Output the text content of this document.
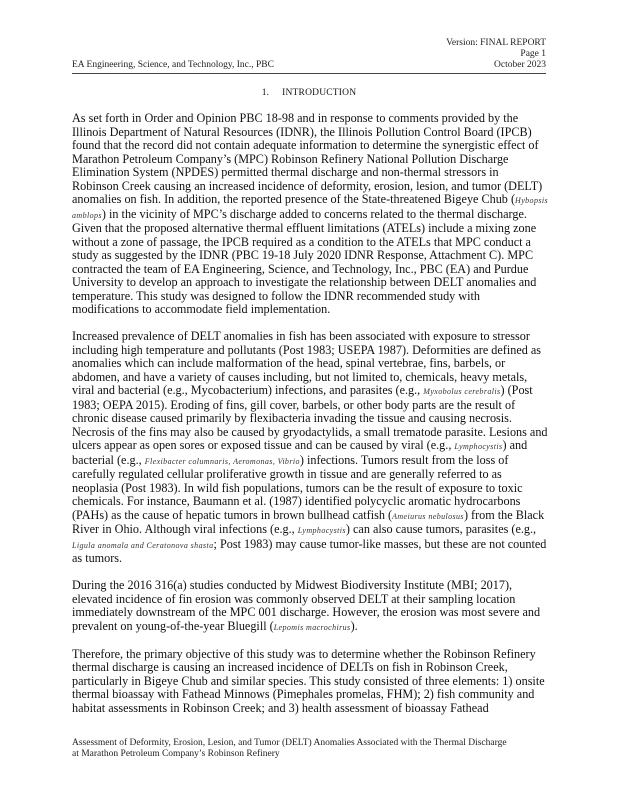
Version: FINAL REPORT
Page 1
October 2023
EA Engineering, Science, and Technology, Inc., PBC
1. INTRODUCTION

As set forth in Order and Opinion PBC 18-98 and in response to comments provided by the Illinois Department of Natural Resources (IDNR), the Illinois Pollution Control Board (IPCB) found that the record did not contain adequate information to determine the synergistic effect of Marathon Petroleum Company’s (MPC) Robinson Refinery National Pollution Discharge Elimination System (NPDES) permitted thermal discharge and non-thermal stressors in Robinson Creek causing an increased incidence of deformity, erosion, lesion, and tumor (DELT) anomalies on fish. In addition, the reported presence of the State-threatened Bigeye Chub (Hybopsis amblops) in the vicinity of MPC’s discharge added to concerns related to the thermal discharge. Given that the proposed alternative thermal effluent limitations (ATELs) include a mixing zone without a zone of passage, the IPCB required as a condition to the ATELs that MPC conduct a study as suggested by the IDNR (PBC 19-18 July 2020 IDNR Response, Attachment C). MPC contracted the team of EA Engineering, Science, and Technology, Inc., PBC (EA) and Purdue University to develop an approach to investigate the relationship between DELT anomalies and temperature. This study was designed to follow the IDNR recommended study with modifications to accommodate field implementation.

Increased prevalence of DELT anomalies in fish has been associated with exposure to stressor including high temperature and pollutants (Post 1983; USEPA 1987). Deformities are defined as anomalies which can include malformation of the head, spinal vertebrae, fins, barbels, or abdomen, and have a variety of causes including, but not limited to, chemicals, heavy metals, viral and bacterial (e.g., Mycobacterium) infections, and parasites (e.g., Myxobolus cerebralis) (Post 1983; OEPA 2015). Eroding of fins, gill cover, barbels, or other body parts are the result of chronic disease caused primarily by flexibacteria invading the tissue and causing necrosis. Necrosis of the fins may also be caused by gryodactylids, a small trematode parasite. Lesions and ulcers appear as open sores or exposed tissue and can be caused by viral (e.g., Lymphocystis) and bacterial (e.g., Flexibacter columnaris, Aeromonas, Vibrio) infections. Tumors result from the loss of carefully regulated cellular proliferative growth in tissue and are generally referred to as neoplasia (Post 1983). In wild fish populations, tumors can be the result of exposure to toxic chemicals. For instance, Baumann et al. (1987) identified polycyclic aromatic hydrocarbons (PAHs) as the cause of hepatic tumors in brown bullhead catfish (Ameiurus nebulosus) from the Black River in Ohio. Although viral infections (e.g., Lymphocystis) can also cause tumors, parasites (e.g., Ligula anomala and Ceratonova shasta; Post 1983) may cause tumor-like masses, but these are not counted as tumors.

During the 2016 316(a) studies conducted by Midwest Biodiversity Institute (MBI; 2017), elevated incidence of fin erosion was commonly observed DELT at their sampling location immediately downstream of the MPC 001 discharge. However, the erosion was most severe and prevalent on young-of-the-year Bluegill (Lepomis macrochirus).

Therefore, the primary objective of this study was to determine whether the Robinson Refinery thermal discharge is causing an increased incidence of DELTs on fish in Robinson Creek, particularly in Bigeye Chub and similar species. This study consisted of three elements: 1) onsite thermal bioassay with Fathead Minnows (Pimephales promelas, FHM); 2) fish community and habitat assessments in Robinson Creek; and 3) health assessment of bioassay Fathead

Assessment of Deformity, Erosion, Lesion, and Tumor (DELT) Anomalies Associated with the Thermal Discharge
at Marathon Petroleum Company’s Robinson Refinery
